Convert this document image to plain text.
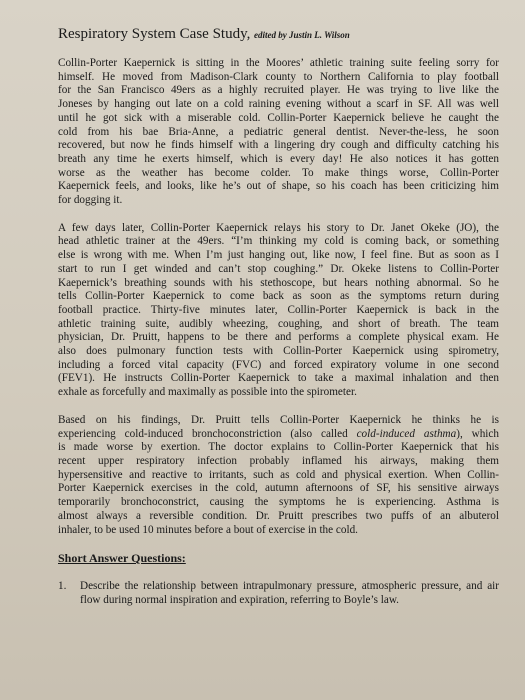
Respiratory System Case Study, edited by Justin L. Wilson
Collin-Porter Kaepernick is sitting in the Moores’ athletic training suite feeling sorry for
himself. He moved from Madison-Clark county to Northern California to play football
for the San Francisco 49ers as a highly recruited player. He was trying to live like the
Joneses by hanging out late on a cold raining evening without a scarf in SF. All was well
until he got sick with a miserable cold. Collin-Porter Kaepernick believe he caught the
cold from his bae Bria-Anne, a pediatric general dentist. Never-the-less, he soon
recovered, but now he finds himself with a lingering dry cough and difficulty catching his
breath any time he exerts himself, which is every day! He also notices it has gotten
worse as the weather has become colder. To make things worse, Collin-Porter
Kaepernick feels, and looks, like he’s out of shape, so his coach has been criticizing him
for dogging it.
A few days later, Collin-Porter Kaepernick relays his story to Dr. Janet Okeke (JO), the
head athletic trainer at the 49ers. “I’m thinking my cold is coming back, or something
else is wrong with me. When I’m just hanging out, like now, I feel fine. But as soon as I
start to run I get winded and can’t stop coughing.” Dr. Okeke listens to Collin-Porter
Kaepernick’s breathing sounds with his stethoscope, but hears nothing abnormal. So he
tells Collin-Porter Kaepernick to come back as soon as the symptoms return during
football practice. Thirty-five minutes later, Collin-Porter Kaepernick is back in the
athletic training suite, audibly wheezing, coughing, and short of breath. The team
physician, Dr. Pruitt, happens to be there and performs a complete physical exam. He
also does pulmonary function tests with Collin-Porter Kaepernick using spirometry,
including a forced vital capacity (FVC) and forced expiratory volume in one second
(FEV1). He instructs Collin-Porter Kaepernick to take a maximal inhalation and then
exhale as forcefully and maximally as possible into the spirometer.
Based on his findings, Dr. Pruitt tells Collin-Porter Kaepernick he thinks he is
experiencing cold-induced bronchoconstriction (also called cold-induced asthma), which
is made worse by exertion. The doctor explains to Collin-Porter Kaepernick that his
recent upper respiratory infection probably inflamed his airways, making them
hypersensitive and reactive to irritants, such as cold and physical exertion. When Collin-
Porter Kaepernick exercises in the cold, autumn afternoons of SF, his sensitive airways
temporarily bronchoconstrict, causing the symptoms he is experiencing. Asthma is
almost always a reversible condition. Dr. Pruitt prescribes two puffs of an albuterol
inhaler, to be used 10 minutes before a bout of exercise in the cold.
Short Answer Questions:
1.	Describe the relationship between intrapulmonary pressure, atmospheric pressure, and air flow during normal inspiration and expiration, referring to Boyle’s law.
